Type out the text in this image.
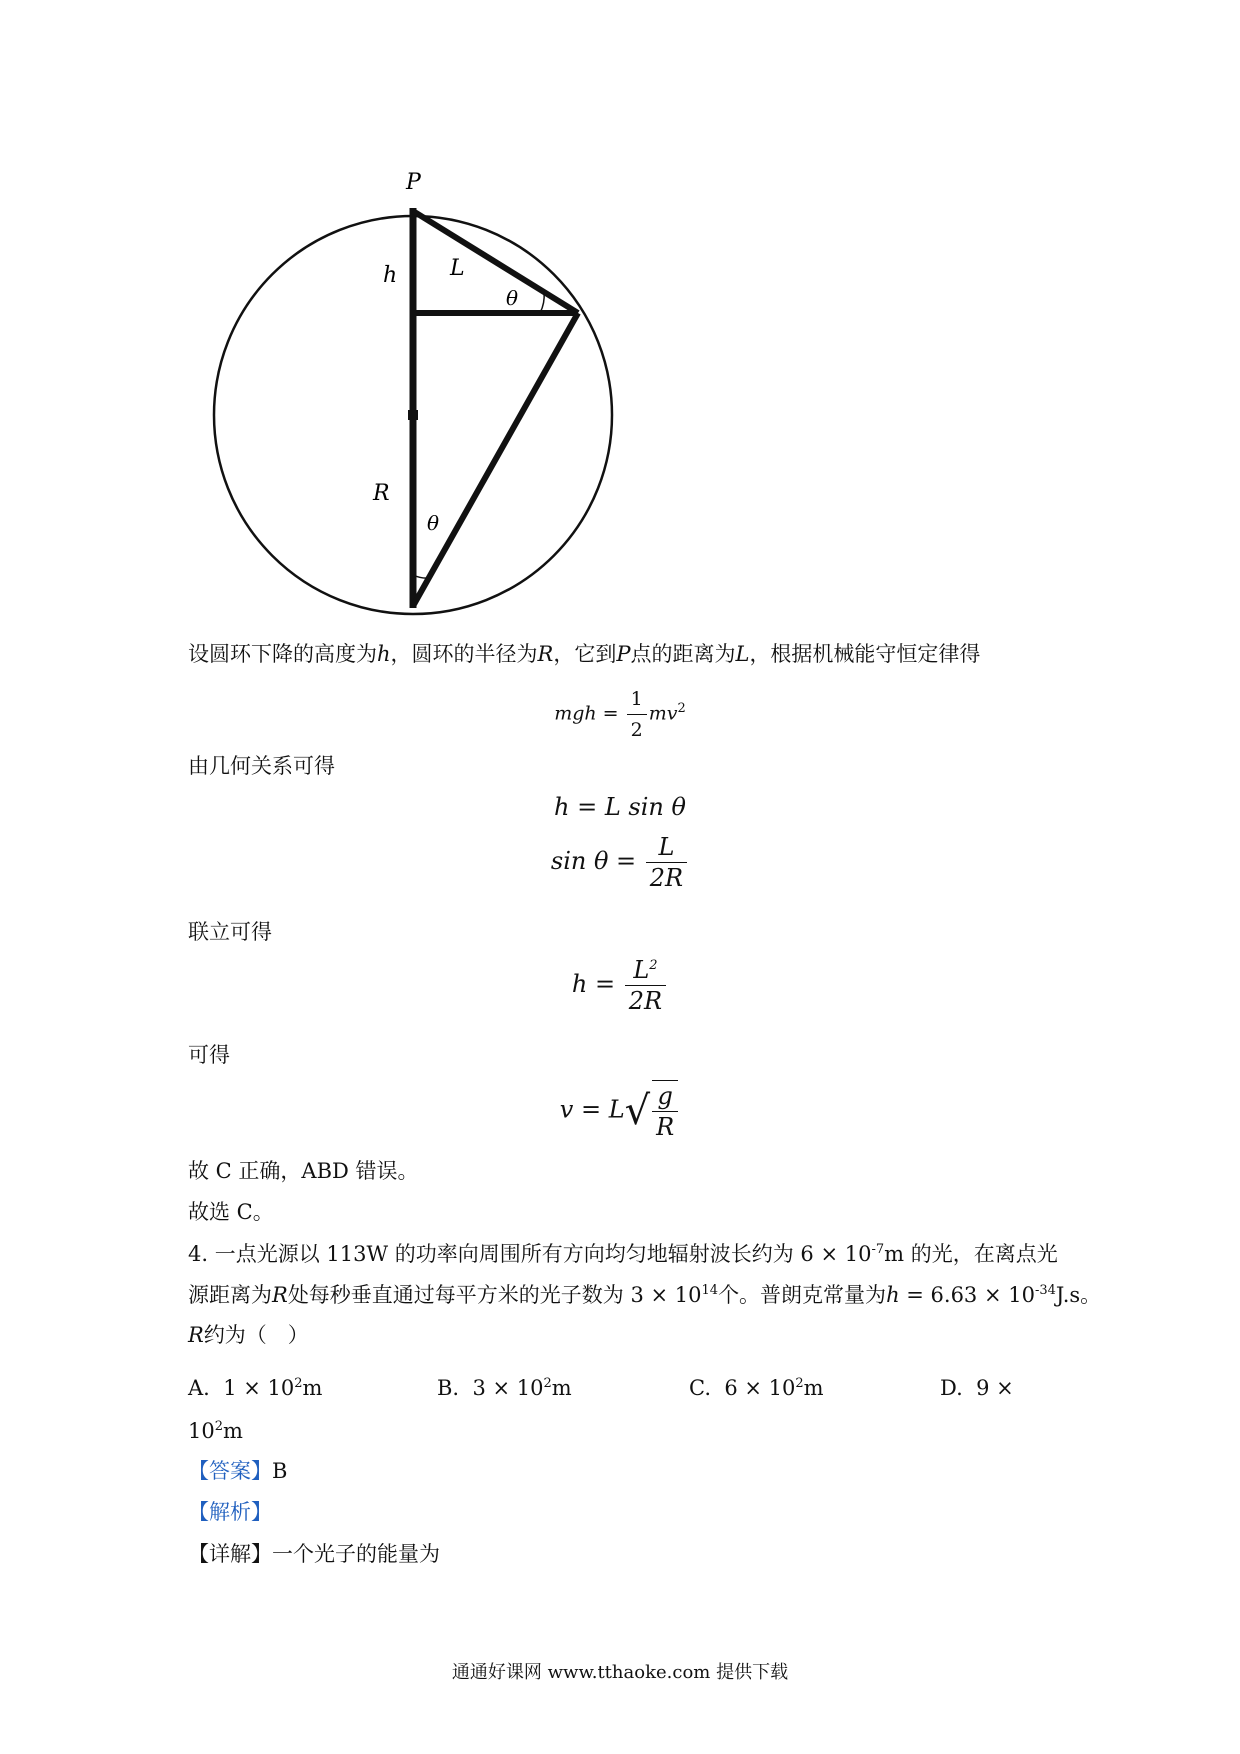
P
h L
θ
R
θ
设圆环下降的高度为h，圆环的半径为R，它到P点的距离为L，根据机械能守恒定律得
mgh = $\frac{1}{2} mv^2$
由几何关系可得
h = L sin θ
$\sin \theta = \frac{L}{2R}$
联立可得
$h = \frac{L^2}{2R}$
可得
$v = L√ \frac{g}{R}$
故 C 正确，ABD 错误。
故选 C。
4. 一点光源以 113W 的功率向周围所有方向均匀地辐射波长约为 $6 \times 10^{-7}m$ 的光，在离点光
源距离为R处每秒垂直通过每平方米的光子数为 $3 \times 10^{14}$个。普朗克常量为$h = 6.63 \times 10^{-34}J.s$。
R约为（　）
A. $1 \times 10^2m$	B. $3 \times 10^2m$	C. $6 \times 10^2m$	D. 9 ×
$10^2m$
【答案】B
【解析】
【详解】一个光子的能量为
通通好课网 www.tthaoke.com 提供下载
